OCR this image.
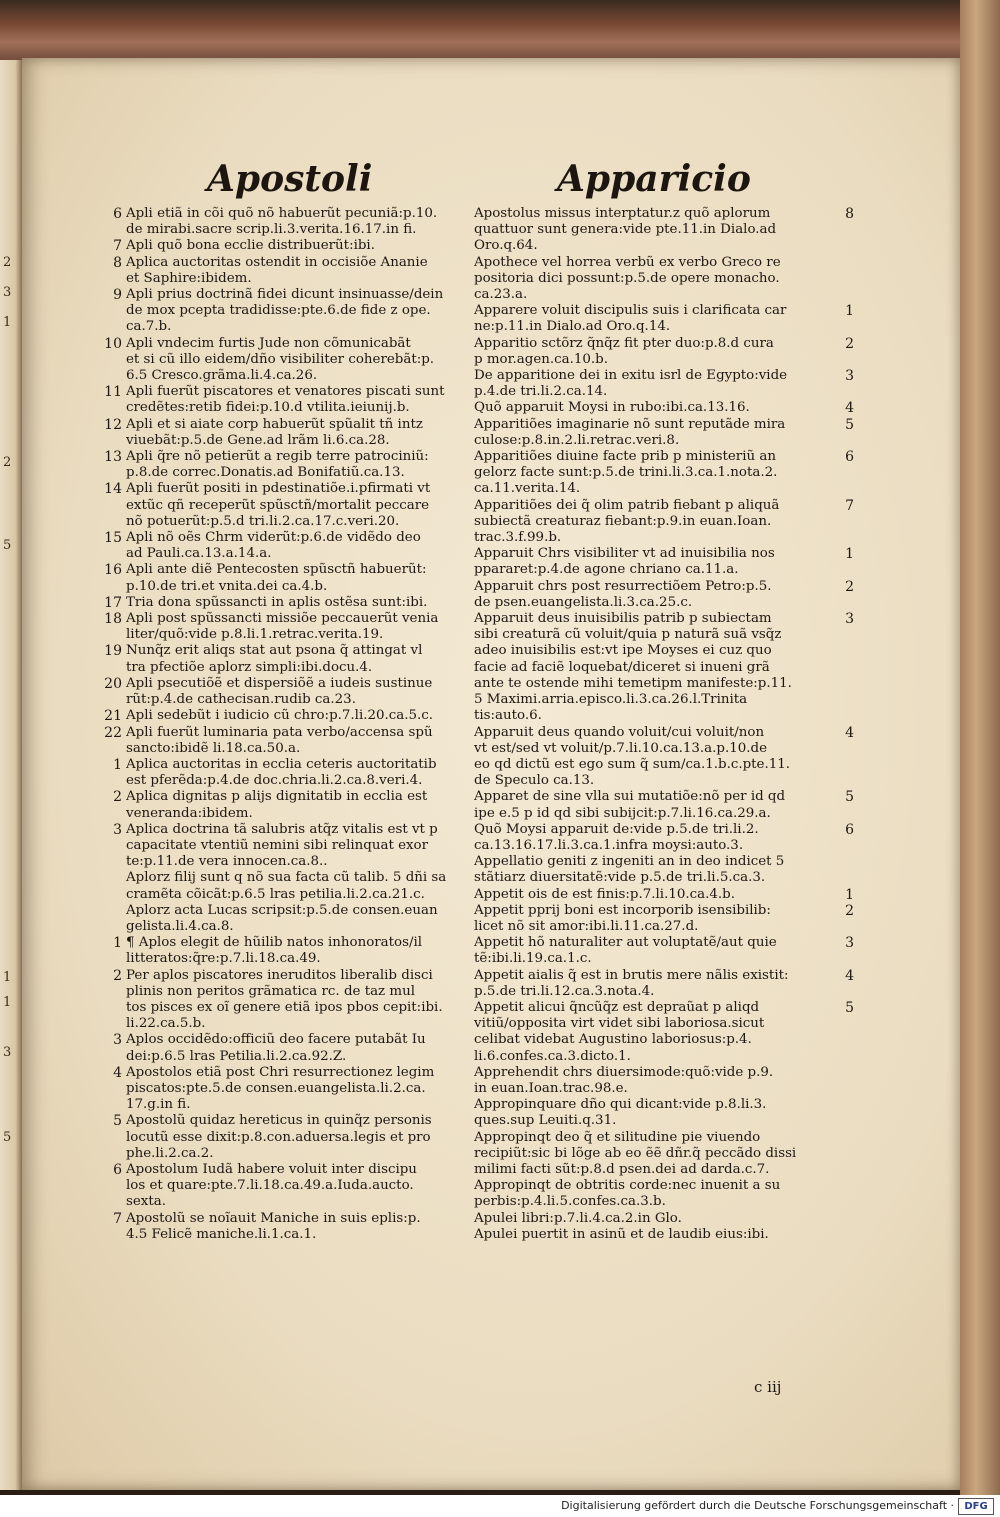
2
3
1
2
5
1
1
3
5
Apostoli	Apparicio

6 Apli etiã in cõi quõ nõ habuerũt pecuniã:p.10.
de mirabi.sacre scrip.li.3.verita.16.17.in fi.

7 Apli quõ bona ecclie distribuerũt:ibi.

8 Aplica auctoritas ostendit in occisiõe Ananie
et Saphire:ibidem.

9 Apli prius doctrinã fidei dicunt insinuasse/dein
de mox pcepta tradidisse:pte.6.de fide z ope.
ca.7.b.

10 Apli vndecim furtis Jude non cõmunicabãt
et si cũ illo eidem/dño visibiliter coherebãt:p.
6.5 Cresco.grãma.li.4.ca.26.

11 Apli fuerũt piscatores et venatores piscati sunt
credẽtes:retib fidei:p.10.d vtilita.ieiunij.b.

12 Apli et si aiate corp habuerũt spũalit tñ intz
viuebãt:p.5.de Gene.ad lrãm li.6.ca.28.

13 Apli q̃re nõ petierũt a regib terre patrociniũ:
p.8.de correc.Donatis.ad Bonifatiũ.ca.13.

14 Apli fuerũt positi in pdestinatiõe.i.pfirmati vt
extũc qñ receperũt spũsctñ/mortalit peccare
nõ potuerũt:p.5.d tri.li.2.ca.17.c.veri.20.

15 Apli nõ oẽs Chrm viderũt:p.6.de vidẽdo deo
ad Pauli.ca.13.a.14.a.

16 Apli ante diẽ Pentecosten spũsctñ habuerũt:
p.10.de tri.et vnita.dei ca.4.b.

17 Tria dona spũssancti in aplis ostẽsa sunt:ibi.

18 Apli post spũssancti missiõe peccauerũt venia
liter/quõ:vide p.8.li.1.retrac.verita.19.

19 Nunq̃z erit aliqs stat aut psona q̃ attingat vl
tra pfectiõe aplorz simpli:ibi.docu.4.

20 Apli psecutiõẽ et dispersiõẽ a iudeis sustinue
rũt:p.4.de cathecisan.rudib ca.23.

21 Apli sedebũt i iudicio cũ chro:p.7.li.20.ca.5.c.

22 Apli fuerũt luminaria pata verbo/accensa spũ
sancto:ibidẽ li.18.ca.50.a.

1 Aplica auctoritas in ecclia ceteris auctoritatib
est pferẽda:p.4.de doc.chria.li.2.ca.8.veri.4.

2 Aplica dignitas p alijs dignitatib in ecclia est
veneranda:ibidem.

3 Aplica doctrina tã salubris atq̃z vitalis est vt p
capacitate vtentiũ nemini sibi relinquat exor
te:p.11.de vera innocen.ca.8..

Aplorz filij sunt q nõ sua facta cũ talib. 5 dñi sa
cramẽta cõicãt:p.6.5 lras petilia.li.2.ca.21.c.

Aplorz acta Lucas scripsit:p.5.de consen.euan
gelista.li.4.ca.8.

1 ¶ Aplos elegit de hũilib natos inhonoratos/il
litteratos:q̃re:p.7.li.18.ca.49.

2 Per aplos piscatores ineruditos liberalib disci
plinis non peritos grãmatica rc. de taz mul
tos pisces ex oĩ genere etiã ipos pbos cepit:ibi.
li.22.ca.5.b.

3 Aplos occidẽdo:officiũ deo facere putabãt Iu
dei:p.6.5 lras Petilia.li.2.ca.92.Z.

4 Apostolos etiã post Chri resurrectionez legim
piscatos:pte.5.de consen.euangelista.li.2.ca.
17.g.in fi.

5 Apostolũ quidaz hereticus in quinq̃z personis
locutũ esse dixit:p.8.con.aduersa.legis et pro
phe.li.2.ca.2.

6 Apostolum Iudã habere voluit inter discipu
los et quare:pte.7.li.18.ca.49.a.Iuda.aucto.
sexta.

7 Apostolũ se noĩauit Maniche in suis eplis:p.
4.5 Felicẽ maniche.li.1.ca.1.

8
Apostolus missus interptatur.z quõ aplorum
quattuor sunt genera:vide pte.11.in Dialo.ad
Oro.q.64.

Apothece vel horrea verbũ ex verbo Greco re
positoria dici possunt:p.5.de opere monacho.
ca.23.a.

1
Apparere voluit discipulis suis i clarificata car
ne:p.11.in Dialo.ad Oro.q.14.

2
Apparitio sctõrz q̃nq̃z fit pter duo:p.8.d cura
p mor.agen.ca.10.b.

3
De apparitione dei in exitu isrl de Egypto:vide
p.4.de tri.li.2.ca.14.

4
Quõ apparuit Moysi in rubo:ibi.ca.13.16.

5
Apparitiões imaginarie nõ sunt reputãde mira
culose:p.8.in.2.li.retrac.veri.8.

6
Apparitiões diuine facte prib p ministeriũ an
gelorz facte sunt:p.5.de trini.li.3.ca.1.nota.2.
ca.11.verita.14.

7
Apparitiões dei q̃ olim patrib fiebant p aliquã
subiectã creaturaz fiebant:p.9.in euan.Ioan.
trac.3.f.99.b.

1
Apparuit Chrs visibiliter vt ad inuisibilia nos
ppararet:p.4.de agone chriano ca.11.a.

2
Apparuit chrs post resurrectiõem Petro:p.5.
de psen.euangelista.li.3.ca.25.c.

3
Apparuit deus inuisibilis patrib p subiectam
sibi creaturã cũ voluit/quia p naturã suã vsq̃z
adeo inuisibilis est:vt ipe Moyses ei cuz quo
facie ad faciẽ loquebat/diceret si inueni grã
ante te ostende mihi temetipm manifeste:p.11.
5 Maximi.arria.episco.li.3.ca.26.l.Trinita
tis:auto.6.

4
Apparuit deus quando voluit/cui voluit/non
vt est/sed vt voluit/p.7.li.10.ca.13.a.p.10.de
eo qd dictũ est ego sum q̃ sum/ca.1.b.c.pte.11.
de Speculo ca.13.

5
Apparet de sine vlla sui mutatiõe:nõ per id qd
ipe e.5 p id qd sibi subijcit:p.7.li.16.ca.29.a.

6
Quõ Moysi apparuit de:vide p.5.de tri.li.2.
ca.13.16.17.li.3.ca.1.infra moysi:auto.3.

Appellatio geniti z ingeniti an in deo indicet 5
stãtiarz diuersitatẽ:vide p.5.de tri.li.5.ca.3.

1
Appetit ois de est finis:p.7.li.10.ca.4.b.

2
Appetit pprij boni est incorporib isensibilib:
licet nõ sit amor:ibi.li.11.ca.27.d.

3
Appetit hõ naturaliter aut voluptatẽ/aut quie
tẽ:ibi.li.19.ca.1.c.

4
Appetit aialis q̃ est in brutis mere nãlis existit:
p.5.de tri.li.12.ca.3.nota.4.

5
Appetit alicui q̃ncũq̃z est depraũat p aliqd
vitiũ/opposita virt videt sibi laboriosa.sicut
celibat videbat Augustino laboriosus:p.4.
li.6.confes.ca.3.dicto.1.

Apprehendit chrs diuersimode:quõ:vide p.9.
in euan.Ioan.trac.98.e.

Appropinquare dño qui dicant:vide p.8.li.3.
ques.sup Leuiti.q.31.

Appropinqt deo q̃ et silitudine pie viuendo
recipiũt:sic bi lõge ab eo ẽẽ dñr.q̃ peccãdo dissi
milimi facti sũt:p.8.d psen.dei ad darda.c.7.

Appropinqt de obtritis corde:nec inuenit a su
perbis:p.4.li.5.confes.ca.3.b.

Apulei libri:p.7.li.4.ca.2.in Glo.

Apulei puertit in asinũ et de laudib eius:ibi.

c iij
Digitalisierung gefördert durch die Deutsche Forschungsgemeinschaft ·	DFG
